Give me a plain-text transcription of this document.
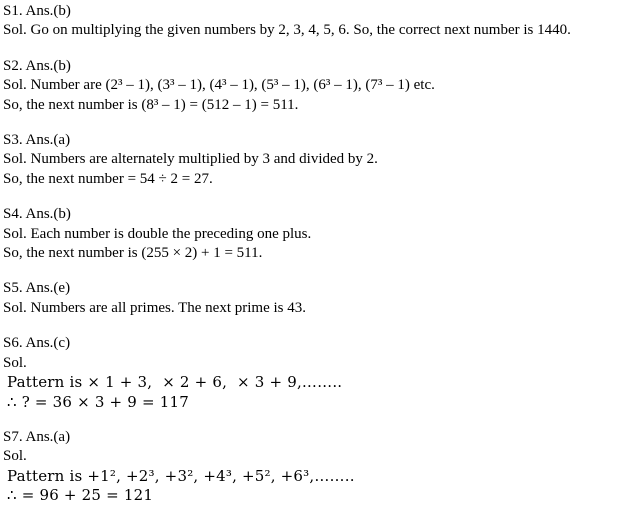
S1. Ans.(b)
Sol. Go on multiplying the given numbers by 2, 3, 4, 5, 6. So, the correct next number is 1440.
S2. Ans.(b)
Sol. Number are (2³ – 1), (3³ – 1), (4³ – 1), (5³ – 1), (6³ – 1), (7³ – 1) etc.
So, the next number is (8³ – 1) = (512 – 1) = 511.
S3. Ans.(a)
Sol. Numbers are alternately multiplied by 3 and divided by 2.
So, the next number = 54 ÷ 2 = 27.
S4. Ans.(b)
Sol. Each number is double the preceding one plus.
So, the next number is (255 × 2) + 1 = 511.
S5. Ans.(e)
Sol. Numbers are all primes. The next prime is 43.
S6. Ans.(c)
Sol.
Pattern is × 1 + 3,  × 2 + 6,  × 3 + 9,……..
∴ ? = 36 × 3 + 9 = 117
S7. Ans.(a)
Sol.
Pattern is +1², +2³, +3², +4³, +5², +6³,……..
∴ = 96 + 25 = 121
